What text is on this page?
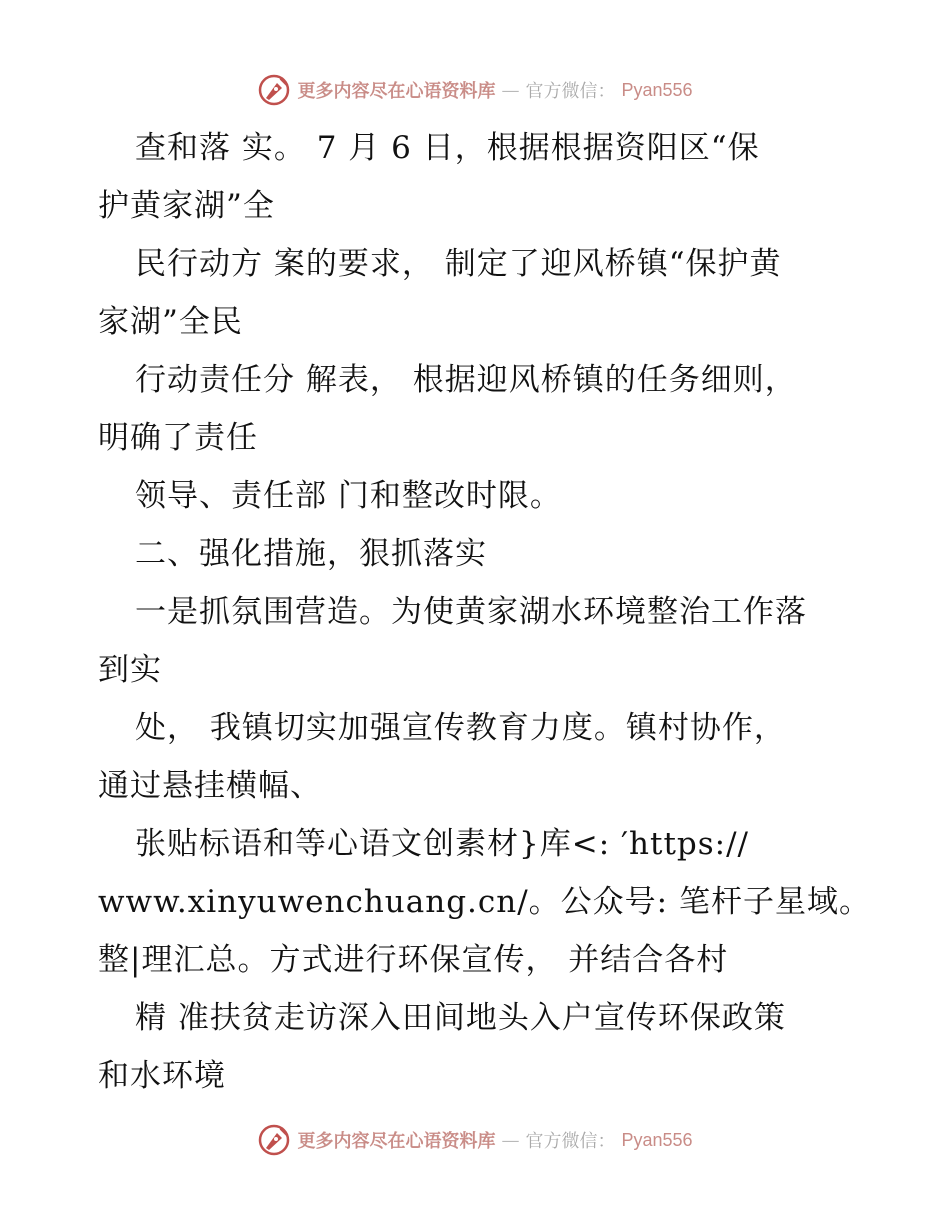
更多内容尽在心语资料库 — 官方微信： Pyan556
查和落 实。 7 月 6 日，根据根据资阳区“保
护黄家湖”全
民行动方 案的要求， 制定了迎风桥镇“保护黄
家湖”全民
行动责任分 解表， 根据迎风桥镇的任务细则，
明确了责任
领导、责任部 门和整改时限。
二、强化措施，狠抓落实
一是抓氛围营造。为使黄家湖水环境整治工作落
到实
处， 我镇切实加强宣传教育力度。镇村协作，
通过悬挂横幅、
张贴标语和等心语文创素材}库<: ′https://
www.xinyuwenchuang.cn/。公众号: 笔杆子星域。
整|理汇总。方式进行环保宣传， 并结合各村
精 准扶贫走访深入田间地头入户宣传环保政策
和水环境
更多内容尽在心语资料库 — 官方微信： Pyan556
